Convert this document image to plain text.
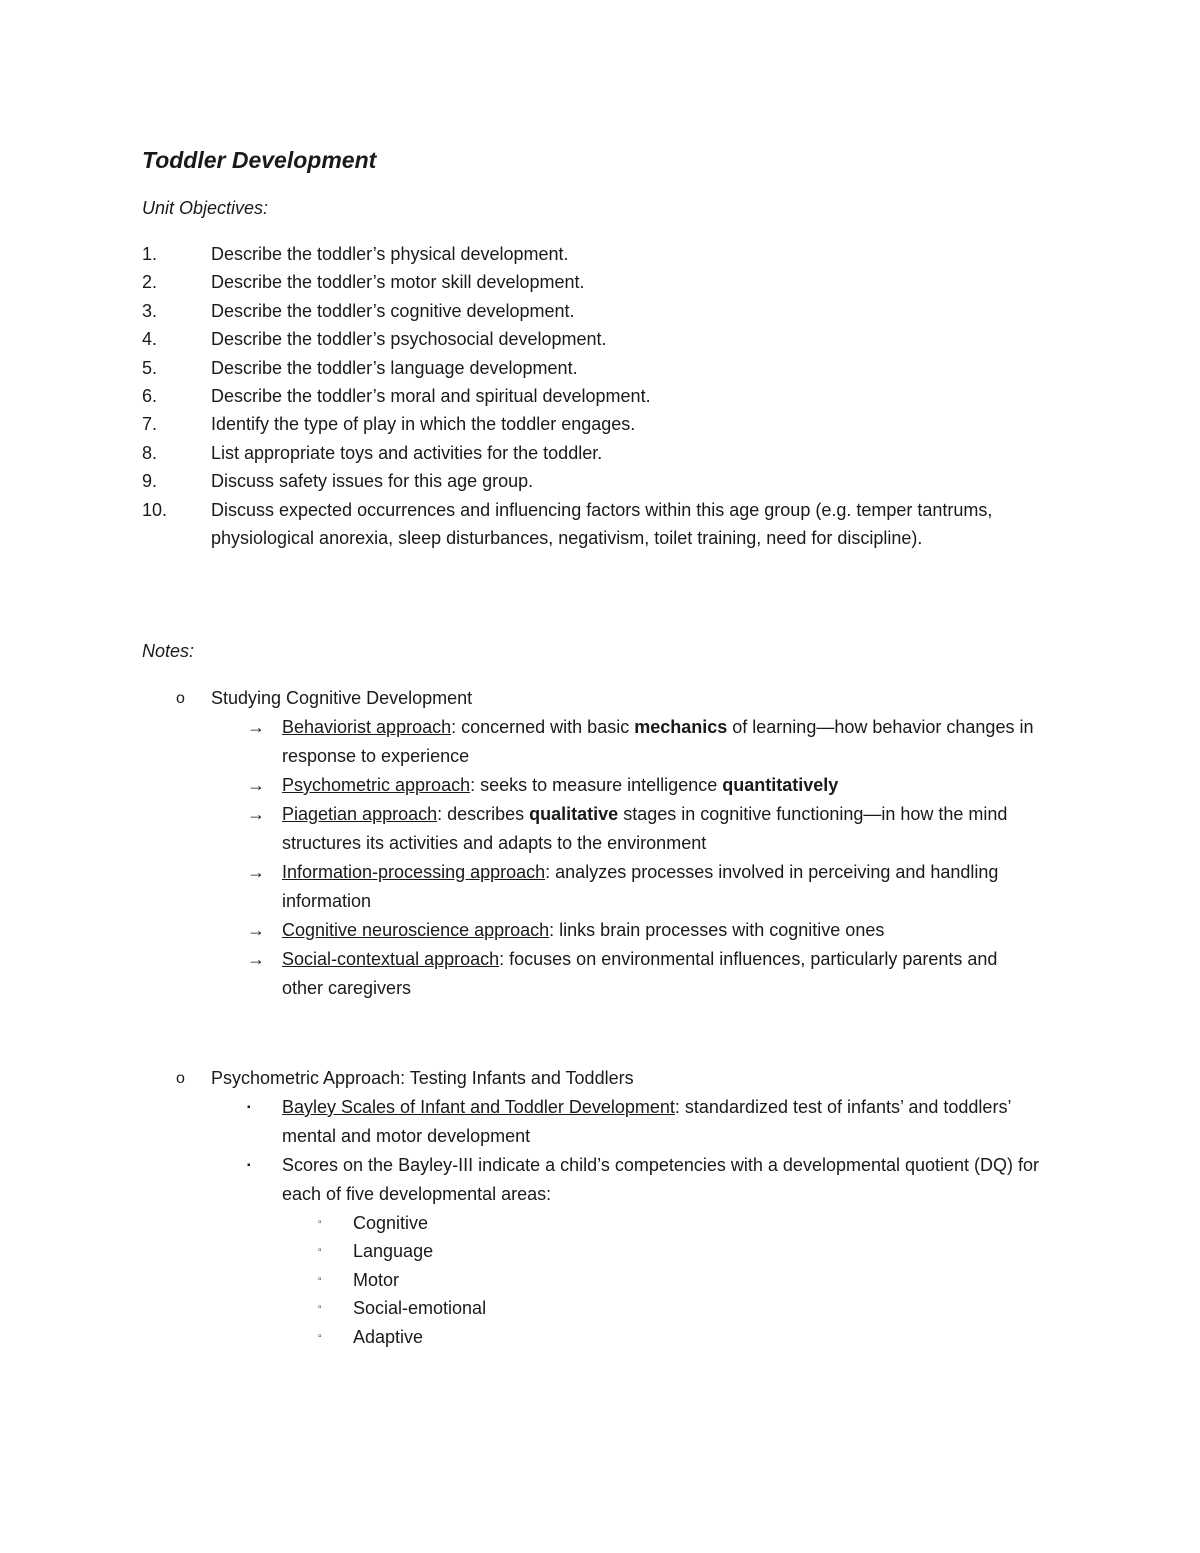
Toddler Development

Unit Objectives:

1.	Describe the toddler’s physical development.
2.	Describe the toddler’s motor skill development.
3.	Describe the toddler’s cognitive development.
4.	Describe the toddler’s psychosocial development.
5.	Describe the toddler’s language development.
6.	Describe the toddler’s moral and spiritual development.
7.	Identify the type of play in which the toddler engages.
8.	List appropriate toys and activities for the toddler.
9.	Discuss safety issues for this age group.
10.	Discuss expected occurrences and influencing factors within this age group (e.g. temper tantrums, physiological anorexia, sleep disturbances, negativism, toilet training, need for discipline).

Notes:

o	Studying Cognitive Development
→ Behaviorist approach: concerned with basic mechanics of learning—how behavior changes in response to experience
→ Psychometric approach: seeks to measure intelligence quantitatively
→ Piagetian approach: describes qualitative stages in cognitive functioning—in how the mind structures its activities and adapts to the environment
→ Information-processing approach: analyzes processes involved in perceiving and handling information
→ Cognitive neuroscience approach: links brain processes with cognitive ones
→ Social-contextual approach: focuses on environmental influences, particularly parents and other caregivers
o	Psychometric Approach: Testing Infants and Toddlers
▪	Bayley Scales of Infant and Toddler Development: standardized test of infants’ and toddlers’ mental and motor development
▪	Scores on the Bayley-III indicate a child’s competencies with a developmental quotient (DQ) for each of five developmental areas:
▫	Cognitive
▫	Language
▫	Motor
▫	Social-emotional
▫	Adaptive
